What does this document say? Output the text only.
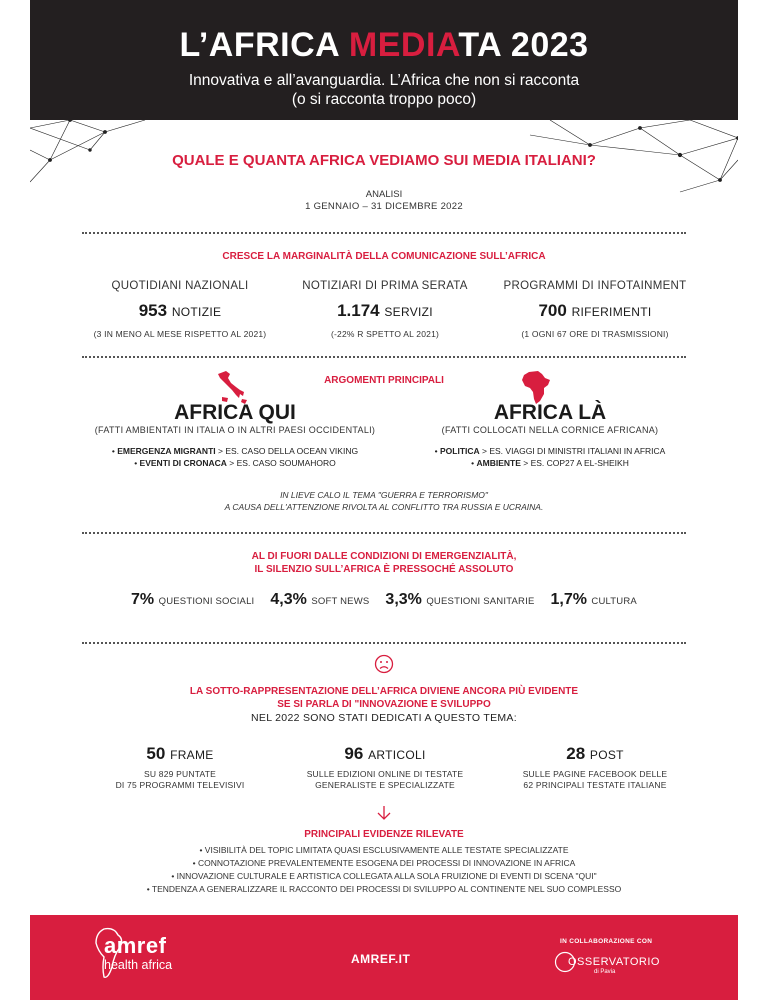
L’AFRICA MEDIATA 2023
Innovativa e all’avanguardia. L’Africa che non si racconta
(o si racconta troppo poco)
QUALE E QUANTA AFRICA VEDIAMO SUI MEDIA ITALIANI?
ANALISI
1 GENNAIO – 31 DICEMBRE 2022
CRESCE LA MARGINALITÀ DELLA COMUNICAZIONE SULL’AFRICA
QUOTIDIANI NAZIONALI
953 NOTIZIE
(3 IN MENO AL MESE RISPETTO AL 2021)
NOTIZIARI DI PRIMA SERATA
1.174 SERVIZI
(-22% R SPETTO AL 2021)
PROGRAMMI DI INFOTAINMENT
700 RIFERIMENTI
(1 OGNI 67 ORE DI TRASMISSIONI)
ARGOMENTI PRINCIPALI
AFRICA QUI
(FATTI AMBIENTATI IN ITALIA O IN ALTRI PAESI OCCIDENTALI)
• EMERGENZA MIGRANTI > ES. CASO DELLA OCEAN VIKING
• EVENTI DI CRONACA > ES. CASO SOUMAHORO
AFRICA LÀ
(FATTI COLLOCATI NELLA CORNICE AFRICANA)
• POLITICA > ES. VIAGGI DI MINISTRI ITALIANI IN AFRICA
• AMBIENTE > ES. COP27 A EL-SHEIKH
IN LIEVE CALO IL TEMA "GUERRA E TERRORISMO"
A CAUSA DELL'ATTENZIONE RIVOLTA AL CONFLITTO TRA RUSSIA E UCRAINA.
AL DI FUORI DALLE CONDIZIONI DI EMERGENZIALITÀ,
IL SILENZIO SULL’AFRICA È PRESSOCHÉ ASSOLUTO
7% QUESTIONI SOCIALI 4,3% SOFT NEWS 3,3% QUESTIONI SANITARIE 1,7% CULTURA
LA SOTTO-RAPPRESENTAZIONE DELL’AFRICA DIVIENE ANCORA PIÙ EVIDENTE
SE SI PARLA DI "INNOVAZIONE E SVILUPPO
NEL 2022 SONO STATI DEDICATI A QUESTO TEMA:
50 FRAME
SU 829 PUNTATE
DI 75 PROGRAMMI TELEVISIVI
96 ARTICOLI
SULLE EDIZIONI ONLINE DI TESTATE
GENERALISTE E SPECIALIZZATE
28 POST
SULLE PAGINE FACEBOOK DELLE
62 PRINCIPALI TESTATE ITALIANE
PRINCIPALI EVIDENZE RILEVATE
• VISIBILITÀ DEL TOPIC LIMITATA QUASI ESCLUSIVAMENTE ALLE TESTATE SPECIALIZZATE
• CONNOTAZIONE PREVALENTEMENTE ESOGENA DEI PROCESSI DI INNOVAZIONE IN AFRICA
• INNOVAZIONE CULTURALE E ARTISTICA COLLEGATA ALLA SOLA FRUIZIONE DI EVENTI DI SCENA "QUI"
• TENDENZA A GENERALIZZARE IL RACCONTO DEI PROCESSI DI SVILUPPO AL CONTINENTE NEL SUO COMPLESSO
amref
health africa	AMREF.IT
IN COLLABORAZIONE CON
OSSERVATORIO
di Pavia
